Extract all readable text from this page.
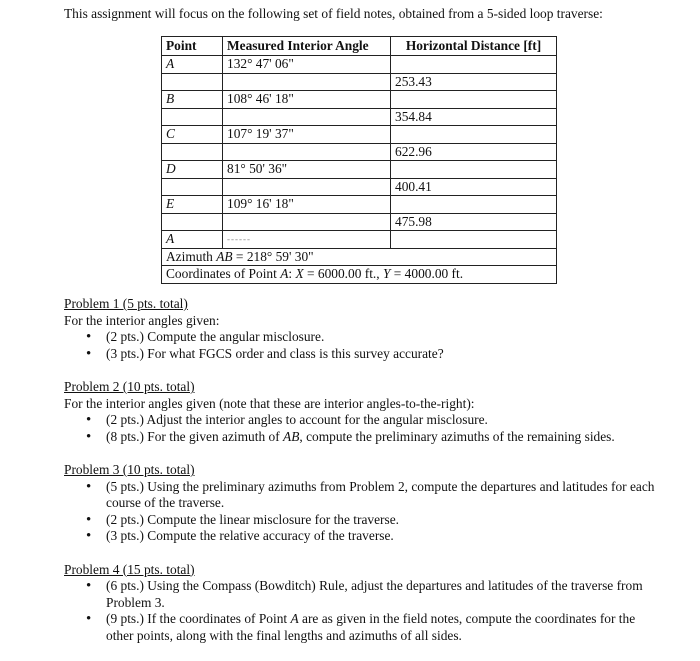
This assignment will focus on the following set of field notes, obtained from a 5-sided loop traverse:
Point	Measured Interior Angle	Horizontal Distance [ft]
A	132° 47' 06"	
		253.43
B	108° 46' 18"	
		354.84
C	107° 19' 37"	
		622.96
D	81° 50' 36"	
		400.41
E	109° 16' 18"	
		475.98
A	------	
Azimuth AB = 218° 59' 30"		
Coordinates of Point A: X = 6000.00 ft., Y = 4000.00 ft.		
Problem 1 (5 pts. total)
For the interior angles given:
• (2 pts.) Compute the angular misclosure.
• (3 pts.) For what FGCS order and class is this survey accurate?
Problem 2 (10 pts. total)
For the interior angles given (note that these are interior angles-to-the-right):
• (2 pts.) Adjust the interior angles to account for the angular misclosure.
• (8 pts.) For the given azimuth of AB, compute the preliminary azimuths of the remaining sides.
Problem 3 (10 pts. total)
• (5 pts.) Using the preliminary azimuths from Problem 2, compute the departures and latitudes for each course of the traverse.
• (2 pts.) Compute the linear misclosure for the traverse.
• (3 pts.) Compute the relative accuracy of the traverse.
Problem 4 (15 pts. total)
• (6 pts.) Using the Compass (Bowditch) Rule, adjust the departures and latitudes of the traverse from Problem 3.
• (9 pts.) If the coordinates of Point A are as given in the field notes, compute the coordinates for the other points, along with the final lengths and azimuths of all sides.
